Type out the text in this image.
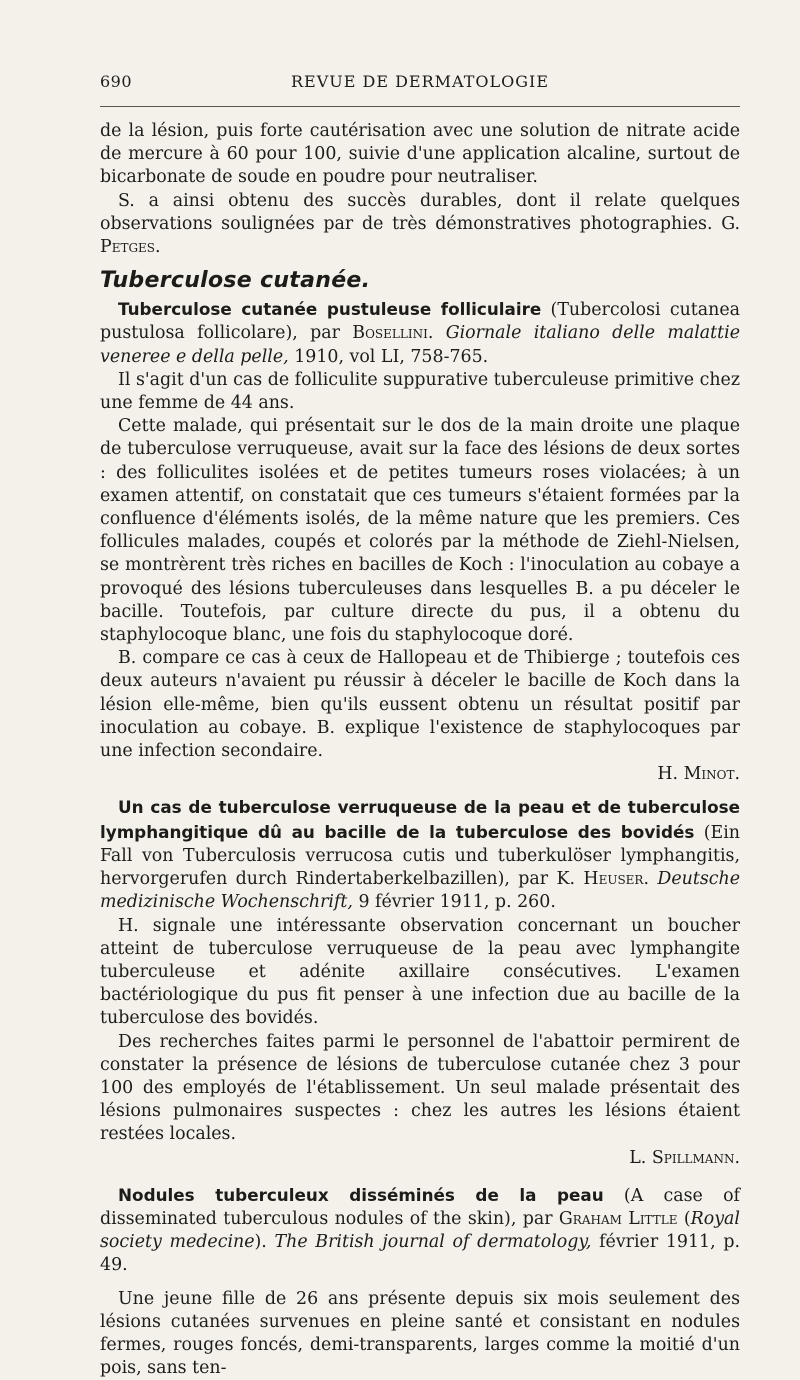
690	REVUE DE DERMATOLOGIE

de la lésion, puis forte cautérisation avec une solution de nitrate acide de mercure à 60 pour 100, suivie d'une application alcaline, surtout de bicarbonate de soude en poudre pour neutraliser.

S. a ainsi obtenu des succès durables, dont il relate quelques observations soulignées par de très démonstratives photographies. G. Petges.

Tuberculose cutanée.

Tuberculose cutanée pustuleuse folliculaire (Tubercolosi cutanea pustulosa follicolare), par Bosellini. Giornale italiano delle malattie veneree e della pelle, 1910, vol LI, 758-765.

Il s'agit d'un cas de folliculite suppurative tuberculeuse primitive chez une femme de 44 ans.

Cette malade, qui présentait sur le dos de la main droite une plaque de tuberculose verruqueuse, avait sur la face des lésions de deux sortes : des folliculites isolées et de petites tumeurs roses violacées; à un examen attentif, on constatait que ces tumeurs s'étaient formées par la confluence d'éléments isolés, de la même nature que les premiers. Ces follicules malades, coupés et colorés par la méthode de Ziehl-Nielsen, se montrèrent très riches en bacilles de Koch : l'inoculation au cobaye a provoqué des lésions tuberculeuses dans lesquelles B. a pu déceler le bacille. Toutefois, par culture directe du pus, il a obtenu du staphylocoque blanc, une fois du staphylocoque doré.

B. compare ce cas à ceux de Hallopeau et de Thibierge ; toutefois ces deux auteurs n'avaient pu réussir à déceler le bacille de Koch dans la lésion elle-même, bien qu'ils eussent obtenu un résultat positif par inoculation au cobaye. B. explique l'existence de staphylocoques par une infection secondaire.

H. Minot.

Un cas de tuberculose verruqueuse de la peau et de tuberculose lymphangitique dû au bacille de la tuberculose des bovidés (Ein Fall von Tuberculosis verrucosa cutis und tuberkulöser lymphangitis, hervorgerufen durch Rindertaberkelbazillen), par K. Heuser. Deutsche medizinische Wochenschrift, 9 février 1911, p. 260.

H. signale une intéressante observation concernant un boucher atteint de tuberculose verruqueuse de la peau avec lymphangite tuberculeuse et adénite axillaire consécutives. L'examen bactériologique du pus fit penser à une infection due au bacille de la tuberculose des bovidés.

Des recherches faites parmi le personnel de l'abattoir permirent de constater la présence de lésions de tuberculose cutanée chez 3 pour 100 des employés de l'établissement. Un seul malade présentait des lésions pulmonaires suspectes : chez les autres les lésions étaient restées locales.

L. Spillmann.

Nodules tuberculeux disséminés de la peau (A case of disseminated tuberculous nodules of the skin), par Graham Little (Royal society medecine). The British journal of dermatology, février 1911, p. 49.

Une jeune fille de 26 ans présente depuis six mois seulement des lésions cutanées survenues en pleine santé et consistant en nodules fermes, rouges foncés, demi-transparents, larges comme la moitié d'un pois, sans ten-
